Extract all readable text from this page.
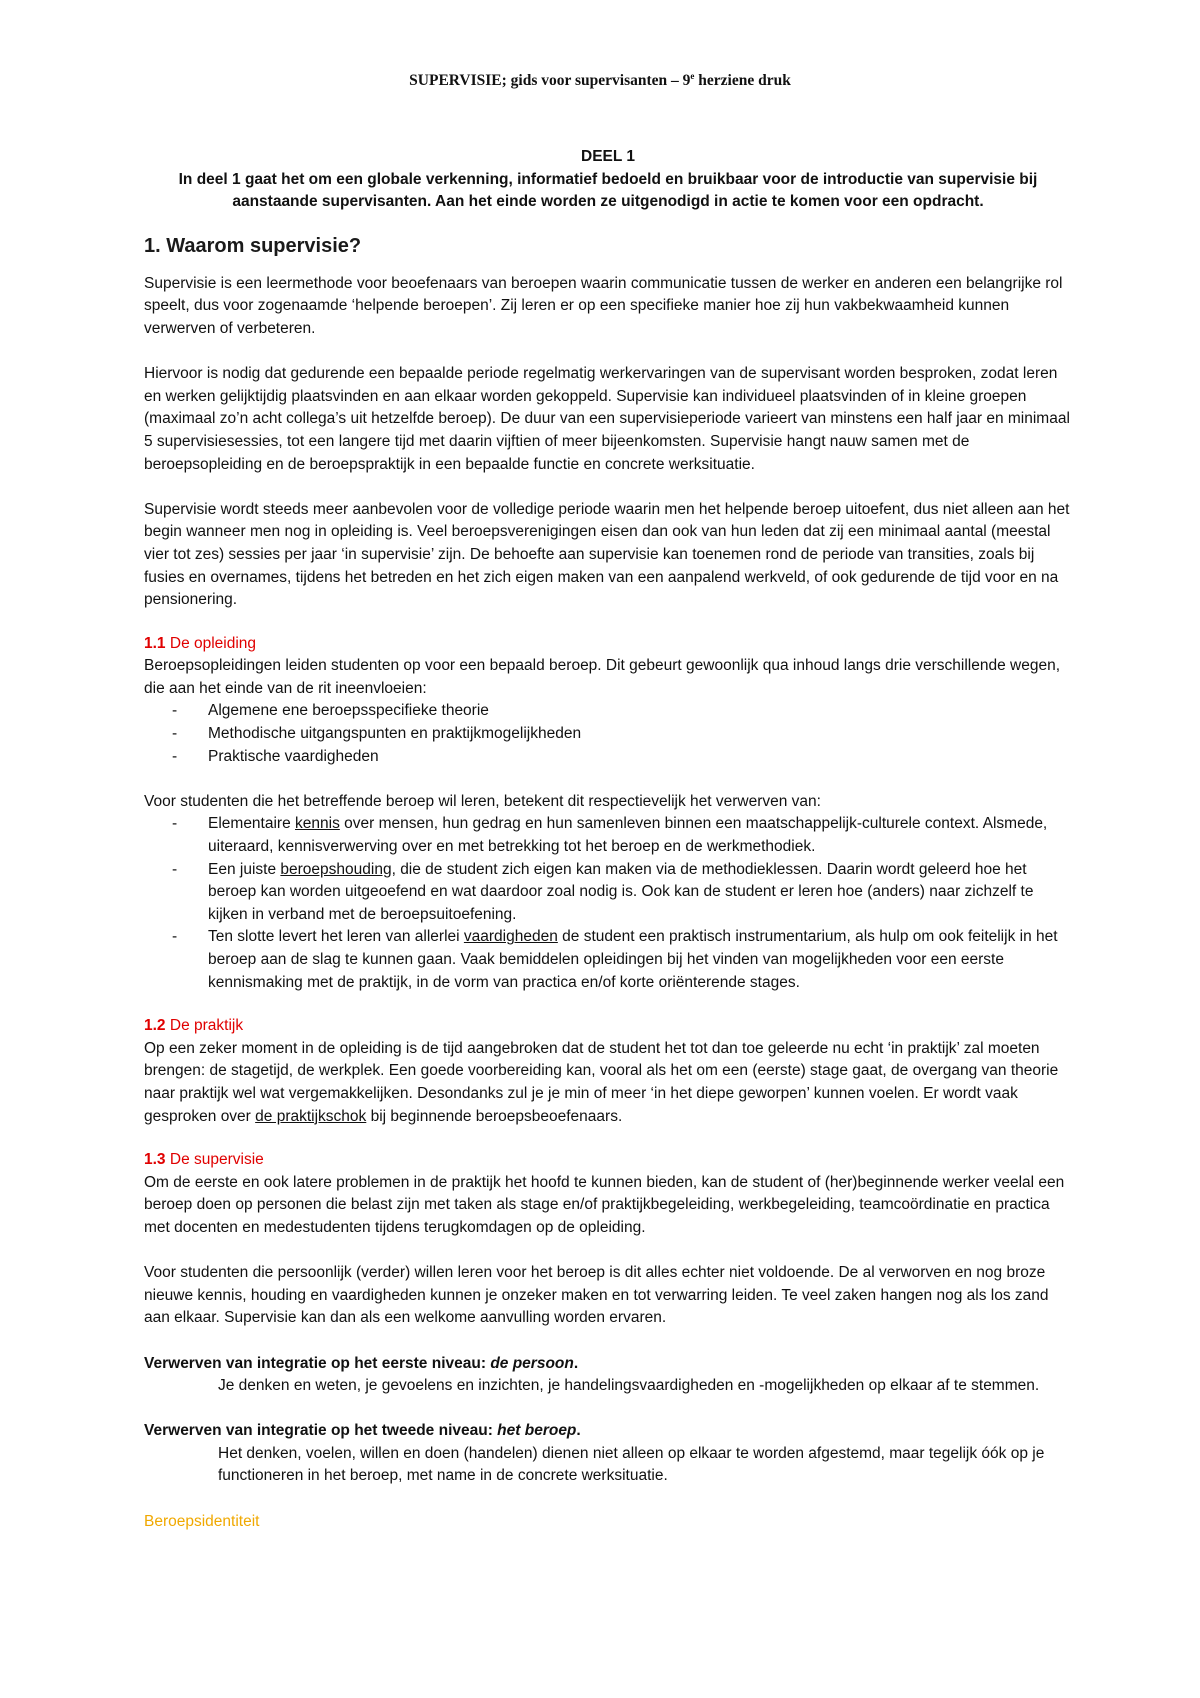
SUPERVISIE; gids voor supervisanten – 9e herziene druk
DEEL 1
In deel 1 gaat het om een globale verkenning, informatief bedoeld en bruikbaar voor de introductie van supervisie bij aanstaande supervisanten. Aan het einde worden ze uitgenodigd in actie te komen voor een opdracht.
1. Waarom supervisie?

Supervisie is een leermethode voor beoefenaars van beroepen waarin communicatie tussen de werker en anderen een belangrijke rol speelt, dus voor zogenaamde ‘helpende beroepen’. Zij leren er op een specifieke manier hoe zij hun vakbekwaamheid kunnen verwerven of verbeteren.

Hiervoor is nodig dat gedurende een bepaalde periode regelmatig werkervaringen van de supervisant worden besproken, zodat leren en werken gelijktijdig plaatsvinden en aan elkaar worden gekoppeld. Supervisie kan individueel plaatsvinden of in kleine groepen (maximaal zo’n acht collega’s uit hetzelfde beroep). De duur van een supervisieperiode varieert van minstens een half jaar en minimaal 5 supervisiesessies, tot een langere tijd met daarin vijftien of meer bijeenkomsten. Supervisie hangt nauw samen met de beroepsopleiding en de beroepspraktijk in een bepaalde functie en concrete werksituatie.

Supervisie wordt steeds meer aanbevolen voor de volledige periode waarin men het helpende beroep uitoefent, dus niet alleen aan het begin wanneer men nog in opleiding is. Veel beroepsverenigingen eisen dan ook van hun leden dat zij een minimaal aantal (meestal vier tot zes) sessies per jaar ‘in supervisie’ zijn. De behoefte aan supervisie kan toenemen rond de periode van transities, zoals bij fusies en overnames, tijdens het betreden en het zich eigen maken van een aanpalend werkveld, of ook gedurende de tijd voor en na pensionering.

1.1 De opleiding

Beroepsopleidingen leiden studenten op voor een bepaald beroep. Dit gebeurt gewoonlijk qua inhoud langs drie verschillende wegen, die aan het einde van de rit ineenvloeien:

- Algemene ene beroepsspecifieke theorie
- Methodische uitgangspunten en praktijkmogelijkheden
- Praktische vaardigheden

Voor studenten die het betreffende beroep wil leren, betekent dit respectievelijk het verwerven van:

- Elementaire kennis over mensen, hun gedrag en hun samenleven binnen een maatschappelijk-culturele context. Alsmede, uiteraard, kennisverwerving over en met betrekking tot het beroep en de werkmethodiek.
- Een juiste beroepshouding, die de student zich eigen kan maken via de methodieklessen. Daarin wordt geleerd hoe het beroep kan worden uitgeoefend en wat daardoor zoal nodig is. Ook kan de student er leren hoe (anders) naar zichzelf te kijken in verband met de beroepsuitoefening.
- Ten slotte levert het leren van allerlei vaardigheden de student een praktisch instrumentarium, als hulp om ook feitelijk in het beroep aan de slag te kunnen gaan. Vaak bemiddelen opleidingen bij het vinden van mogelijkheden voor een eerste kennismaking met de praktijk, in de vorm van practica en/of korte oriënterende stages.
1.2 De praktijk

Op een zeker moment in de opleiding is de tijd aangebroken dat de student het tot dan toe geleerde nu echt ‘in praktijk’ zal moeten brengen: de stagetijd, de werkplek. Een goede voorbereiding kan, vooral als het om een (eerste) stage gaat, de overgang van theorie naar praktijk wel wat vergemakkelijken. Desondanks zul je je min of meer ‘in het diepe geworpen’ kunnen voelen. Er wordt vaak gesproken over de praktijkschok bij beginnende beroepsbeoefenaars.

1.3 De supervisie

Om de eerste en ook latere problemen in de praktijk het hoofd te kunnen bieden, kan de student of (her)beginnende werker veelal een beroep doen op personen die belast zijn met taken als stage en/of praktijkbegeleiding, werkbegeleiding, teamcoördinatie en practica met docenten en medestudenten tijdens terugkomdagen op de opleiding.

Voor studenten die persoonlijk (verder) willen leren voor het beroep is dit alles echter niet voldoende. De al verworven en nog broze nieuwe kennis, houding en vaardigheden kunnen je onzeker maken en tot verwarring leiden. Te veel zaken hangen nog als los zand aan elkaar. Supervisie kan dan als een welkome aanvulling worden ervaren.

Verwerven van integratie op het eerste niveau: de persoon.

Je denken en weten, je gevoelens en inzichten, je handelingsvaardigheden en -mogelijkheden op elkaar af te stemmen.

Verwerven van integratie op het tweede niveau: het beroep.

Het denken, voelen, willen en doen (handelen) dienen niet alleen op elkaar te worden afgestemd, maar tegelijk óók op je functioneren in het beroep, met name in de concrete werksituatie.

Beroepsidentiteit
